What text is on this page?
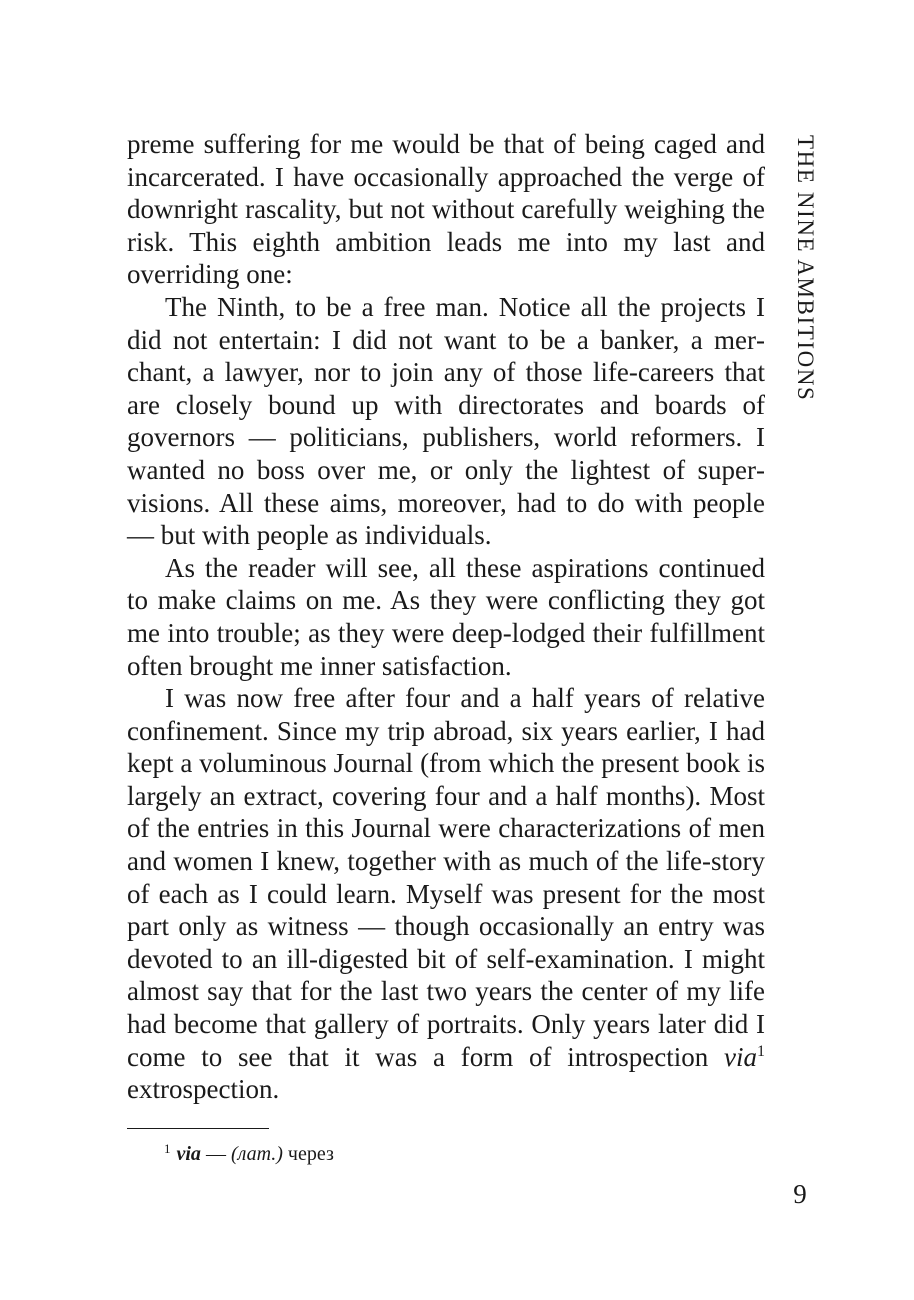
THE NINE AMBITIONS

preme suffering for me would be that of being caged and incarcerated. I have occasionally approached the verge of downright rascality, but not without carefully weighing the risk. This eighth ambition leads me into my last and overriding one:

The Ninth, to be a free man. Notice all the projects I did not entertain: I did not want to be a banker, a merchant, a lawyer, nor to join any of those life-careers that are closely bound up with directorates and boards of governors — politicians, publishers, world reformers. I wanted no boss over me, or only the lightest of supervisions. All these aims, moreover, had to do with people — but with people as individuals.

As the reader will see, all these aspirations continued to make claims on me. As they were conflicting they got me into trouble; as they were deep-lodged their fulfillment often brought me inner satisfaction.

I was now free after four and a half years of relative confinement. Since my trip abroad, six years earlier, I had kept a voluminous Journal (from which the present book is largely an extract, covering four and a half months). Most of the entries in this Journal were characterizations of men and women I knew, together with as much of the life-story of each as I could learn. Myself was present for the most part only as witness — though occasionally an entry was devoted to an ill-digested bit of self-examination. I might almost say that for the last two years the center of my life had become that gallery of portraits. Only years later did I come to see that it was a form of introspection via$^1$ extrospection.

$^1$ via — (лат.) через
9
